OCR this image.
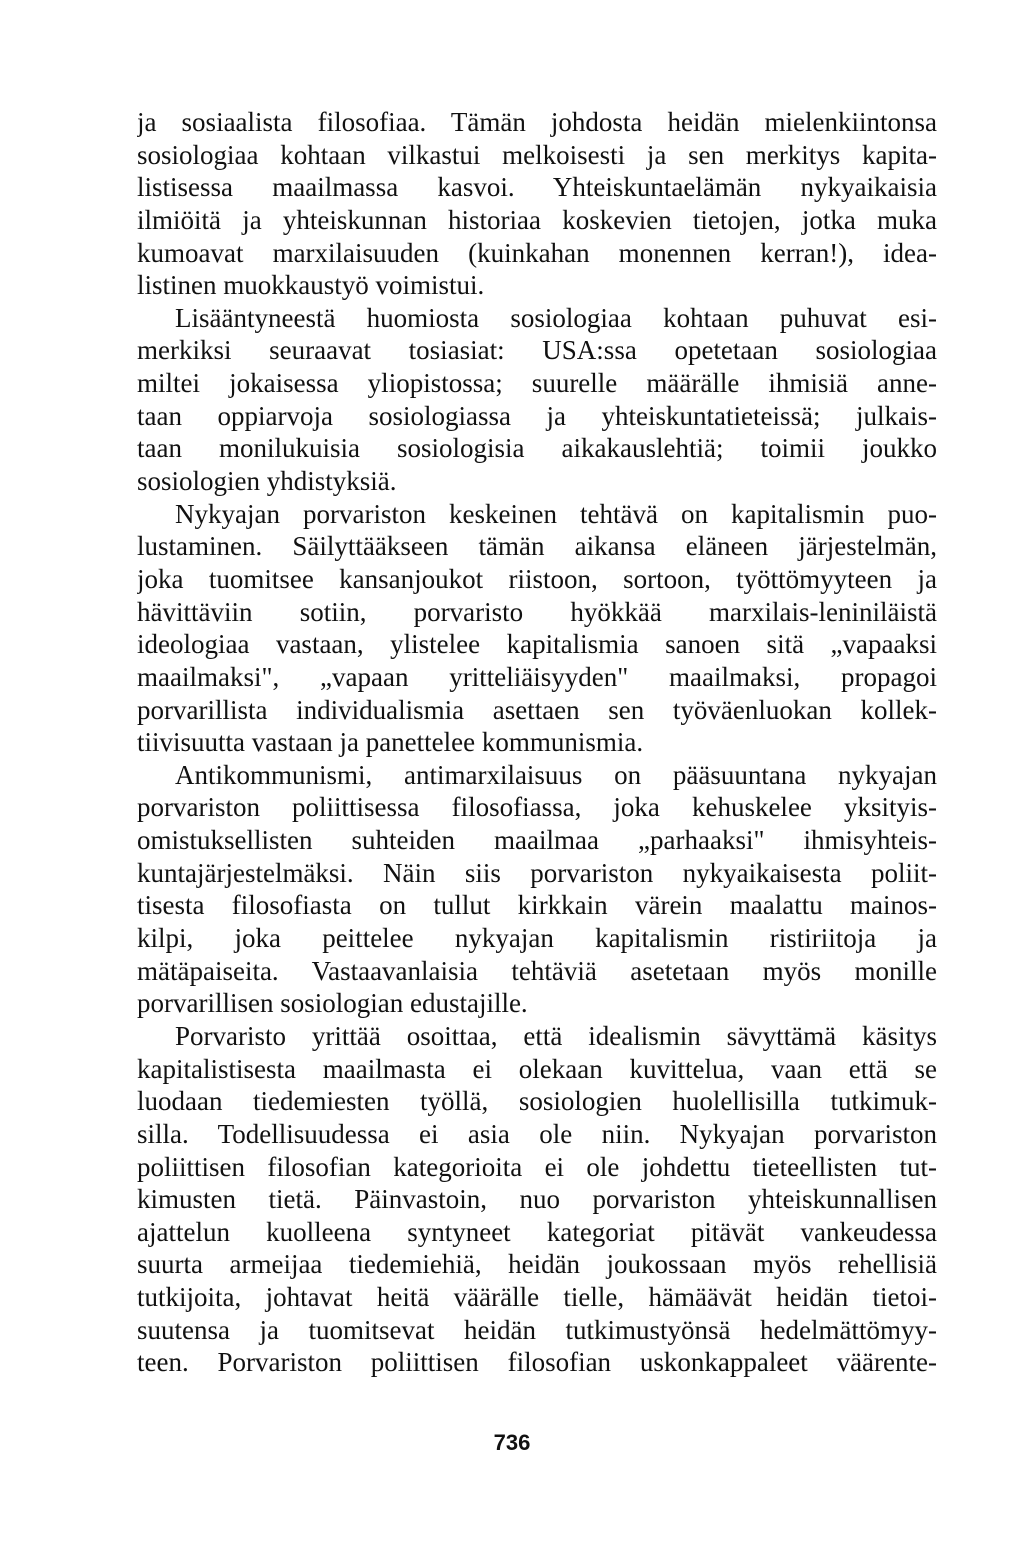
ja sosiaalista filosofiaa. Tämän johdosta heidän mielenkiintonsa
sosiologiaa kohtaan vilkastui melkoisesti ja sen merkitys kapita-
listisessa maailmassa kasvoi. Yhteiskuntaelämän nykyaikaisia
ilmiöitä ja yhteiskunnan historiaa koskevien tietojen, jotka muka
kumoavat marxilaisuuden (kuinkahan monennen kerran!), idea-
listinen muokkaustyö voimistui.
Lisääntyneestä huomiosta sosiologiaa kohtaan puhuvat esi-
merkiksi seuraavat tosiasiat: USA:ssa opetetaan sosiologiaa
miltei jokaisessa yliopistossa; suurelle määrälle ihmisiä anne-
taan oppiarvoja sosiologiassa ja yhteiskuntatieteissä; julkais-
taan monilukuisia sosiologisia aikakauslehtiä; toimii joukko
sosiologien yhdistyksiä.
Nykyajan porvariston keskeinen tehtävä on kapitalismin puo-
lustaminen. Säilyttääkseen tämän aikansa eläneen järjestelmän,
joka tuomitsee kansanjoukot riistoon, sortoon, työttömyyteen ja
hävittäviin sotiin, porvaristo hyökkää marxilais-leniniläistä
ideologiaa vastaan, ylistelee kapitalismia sanoen sitä „vapaaksi
maailmaksi", „vapaan yritteliäisyyden" maailmaksi, propagoi
porvarillista individualismia asettaen sen työväenluokan kollek-
tiivisuutta vastaan ja panettelee kommunismia.
Antikommunismi, antimarxilaisuus on pääsuuntana nykyajan
porvariston poliittisessa filosofiassa, joka kehuskelee yksityis-
omistuksellisten suhteiden maailmaa „parhaaksi" ihmisyhteis-
kuntajärjestelmäksi. Näin siis porvariston nykyaikaisesta poliit-
tisesta filosofiasta on tullut kirkkain värein maalattu mainos-
kilpi, joka peittelee nykyajan kapitalismin ristiriitoja ja
mätäpaiseita. Vastaavanlaisia tehtäviä asetetaan myös monille
porvarillisen sosiologian edustajille.
Porvaristo yrittää osoittaa, että idealismin sävyttämä käsitys
kapitalistisesta maailmasta ei olekaan kuvittelua, vaan että se
luodaan tiedemiesten työllä, sosiologien huolellisilla tutkimuk-
silla. Todellisuudessa ei asia ole niin. Nykyajan porvariston
poliittisen filosofian kategorioita ei ole johdettu tieteellisten tut-
kimusten tietä. Päinvastoin, nuo porvariston yhteiskunnallisen
ajattelun kuolleena syntyneet kategoriat pitävät vankeudessa
suurta armeijaa tiedemiehiä, heidän joukossaan myös rehellisiä
tutkijoita, johtavat heitä väärälle tielle, hämäävät heidän tietoi-
suutensa ja tuomitsevat heidän tutkimustyönsä hedelmättömyy-
teen. Porvariston poliittisen filosofian uskonkappaleet väärente-
736
